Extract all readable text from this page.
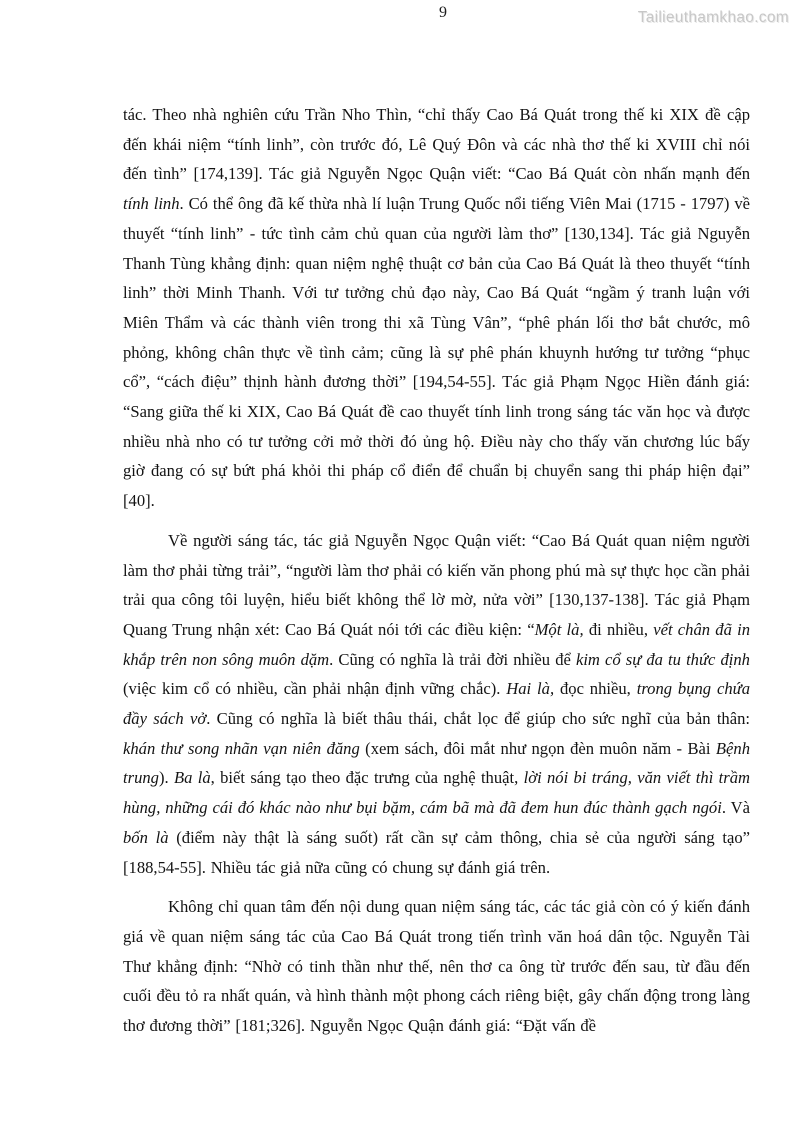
9	Tailieuthamkhao.com

tác. Theo nhà nghiên cứu Trần Nho Thìn, “chỉ thấy Cao Bá Quát trong thế ki XIX đề cập đến khái niệm “tính linh”, còn trước đó, Lê Quý Đôn và các nhà thơ thế ki XVIII chỉ nói đến tình” [174,139]. Tác giả Nguyễn Ngọc Quận viết: “Cao Bá Quát còn nhấn mạnh đến tính linh. Có thể ông đã kế thừa nhà lí luận Trung Quốc nổi tiếng Viên Mai (1715 - 1797) về thuyết “tính linh” - tức tình cảm chủ quan của người làm thơ” [130,134]. Tác giả Nguyễn Thanh Tùng khẳng định: quan niệm nghệ thuật cơ bản của Cao Bá Quát là theo thuyết “tính linh” thời Minh Thanh. Với tư tưởng chủ đạo này, Cao Bá Quát “ngầm ý tranh luận với Miên Thẩm và các thành viên trong thi xã Tùng Vân”, “phê phán lối thơ bắt chước, mô phỏng, không chân thực về tình cảm; cũng là sự phê phán khuynh hướng tư tưởng “phục cổ”, “cách điệu” thịnh hành đương thời” [194,54-55]. Tác giả Phạm Ngọc Hiền đánh giá: “Sang giữa thế ki XIX, Cao Bá Quát đề cao thuyết tính linh trong sáng tác văn học và được nhiều nhà nho có tư tưởng cởi mở thời đó ủng hộ. Điều này cho thấy văn chương lúc bấy giờ đang có sự bứt phá khỏi thi pháp cổ điển để chuẩn bị chuyển sang thi pháp hiện đại” [40].

Về người sáng tác, tác giả Nguyễn Ngọc Quận viết: “Cao Bá Quát quan niệm người làm thơ phải từng trải”, “người làm thơ phải có kiến văn phong phú mà sự thực học cần phải trải qua công tôi luyện, hiểu biết không thể lờ mờ, nửa vời” [130,137-138]. Tác giả Phạm Quang Trung nhận xét: Cao Bá Quát nói tới các điều kiện: “Một là, đi nhiều, vết chân đã in khắp trên non sông muôn dặm. Cũng có nghĩa là trải đời nhiều để kim cổ sự đa tu thức định (việc kim cổ có nhiều, cần phải nhận định vững chắc). Hai là, đọc nhiều, trong bụng chứa đầy sách vở. Cũng có nghĩa là biết thâu thái, chắt lọc để giúp cho sức nghĩ của bản thân: khán thư song nhãn vạn niên đăng (xem sách, đôi mắt như ngọn đèn muôn năm - Bài Bệnh trung). Ba là, biết sáng tạo theo đặc trưng của nghệ thuật, lời nói bi tráng, văn viết thì trầm hùng, những cái đó khác nào như bụi bặm, cám bã mà đã đem hun đúc thành gạch ngói. Và bốn là (điểm này thật là sáng suốt) rất cần sự cảm thông, chia sẻ của người sáng tạo” [188,54-55]. Nhiều tác giả nữa cũng có chung sự đánh giá trên.

Không chỉ quan tâm đến nội dung quan niệm sáng tác, các tác giả còn có ý kiến đánh giá về quan niệm sáng tác của Cao Bá Quát trong tiến trình văn hoá dân tộc. Nguyễn Tài Thư khẳng định: “Nhờ có tinh thần như thế, nên thơ ca ông từ trước đến sau, từ đầu đến cuối đều tỏ ra nhất quán, và hình thành một phong cách riêng biệt, gây chấn động trong làng thơ đương thời” [181;326]. Nguyễn Ngọc Quận đánh giá: “Đặt vấn đề
